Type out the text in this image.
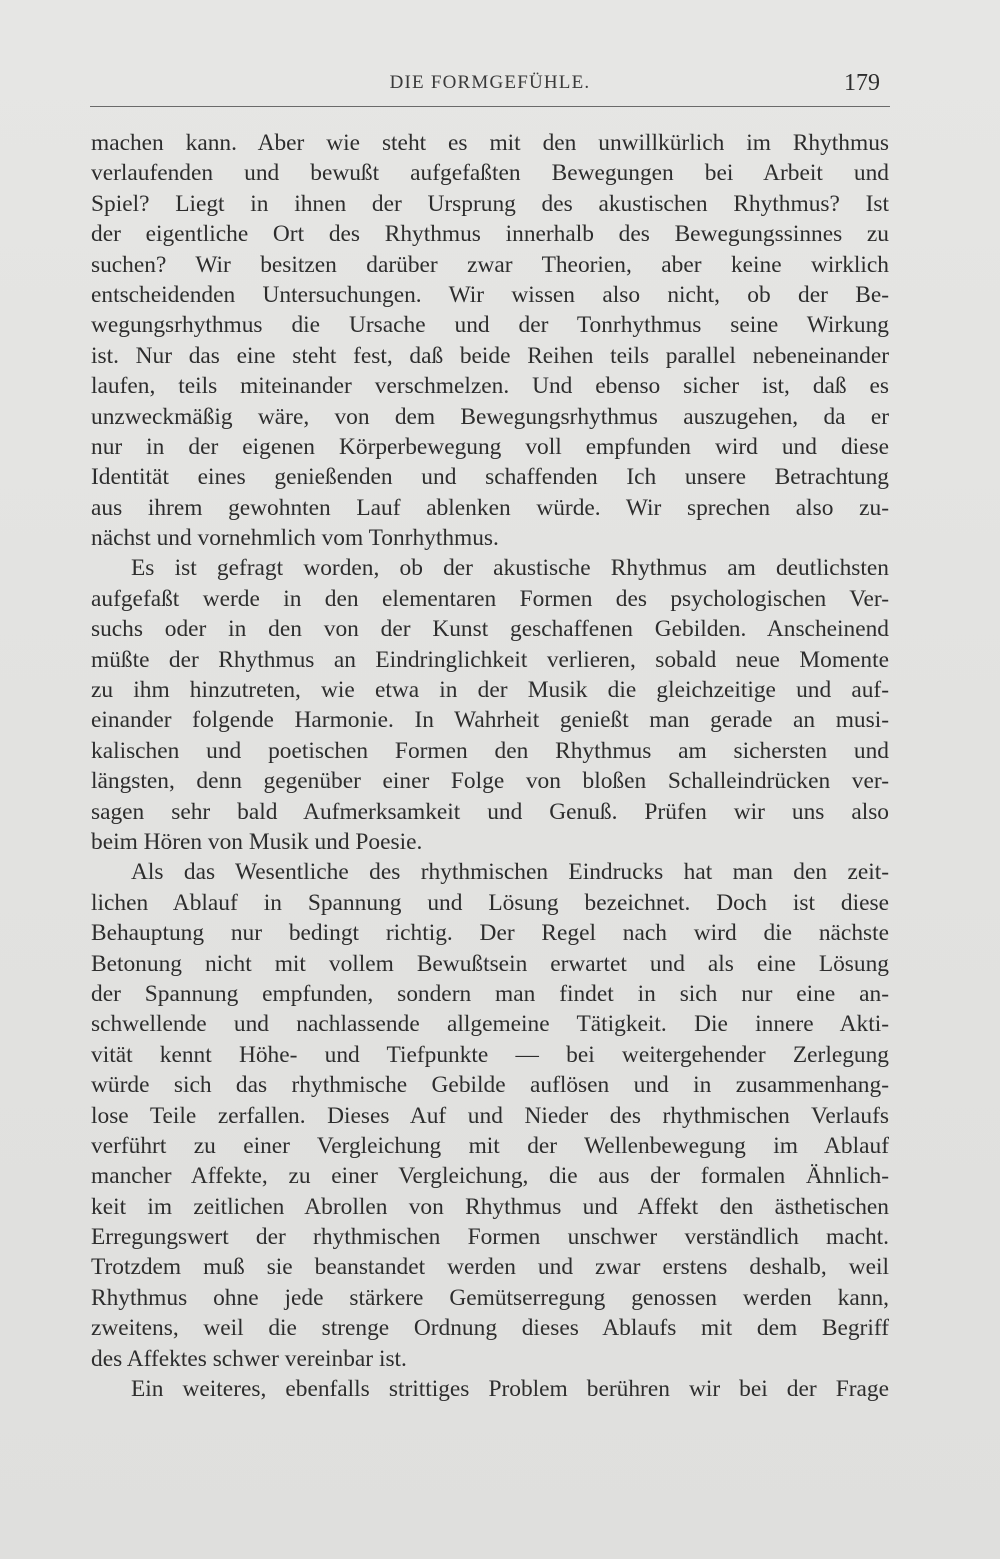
DIE FORMGEFÜHLE.	179
machen kann. Aber wie steht es mit den unwillkürlich im Rhythmus
verlaufenden und bewußt aufgefaßten Bewegungen bei Arbeit und
Spiel? Liegt in ihnen der Ursprung des akustischen Rhythmus? Ist
der eigentliche Ort des Rhythmus innerhalb des Bewegungssinnes zu
suchen? Wir besitzen darüber zwar Theorien, aber keine wirklich
entscheidenden Untersuchungen. Wir wissen also nicht, ob der Be-
wegungsrhythmus die Ursache und der Tonrhythmus seine Wirkung
ist. Nur das eine steht fest, daß beide Reihen teils parallel nebeneinander
laufen, teils miteinander verschmelzen. Und ebenso sicher ist, daß es
unzweckmäßig wäre, von dem Bewegungsrhythmus auszugehen, da er
nur in der eigenen Körperbewegung voll empfunden wird und diese
Identität eines genießenden und schaffenden Ich unsere Betrachtung
aus ihrem gewohnten Lauf ablenken würde. Wir sprechen also zu-
nächst und vornehmlich vom Tonrhythmus.
Es ist gefragt worden, ob der akustische Rhythmus am deutlichsten
aufgefaßt werde in den elementaren Formen des psychologischen Ver-
suchs oder in den von der Kunst geschaffenen Gebilden. Anscheinend
müßte der Rhythmus an Eindringlichkeit verlieren, sobald neue Momente
zu ihm hinzutreten, wie etwa in der Musik die gleichzeitige und auf-
einander folgende Harmonie. In Wahrheit genießt man gerade an musi-
kalischen und poetischen Formen den Rhythmus am sichersten und
längsten, denn gegenüber einer Folge von bloßen Schalleindrücken ver-
sagen sehr bald Aufmerksamkeit und Genuß. Prüfen wir uns also
beim Hören von Musik und Poesie.
Als das Wesentliche des rhythmischen Eindrucks hat man den zeit-
lichen Ablauf in Spannung und Lösung bezeichnet. Doch ist diese
Behauptung nur bedingt richtig. Der Regel nach wird die nächste
Betonung nicht mit vollem Bewußtsein erwartet und als eine Lösung
der Spannung empfunden, sondern man findet in sich nur eine an-
schwellende und nachlassende allgemeine Tätigkeit. Die innere Akti-
vität kennt Höhe- und Tiefpunkte — bei weitergehender Zerlegung
würde sich das rhythmische Gebilde auflösen und in zusammenhang-
lose Teile zerfallen. Dieses Auf und Nieder des rhythmischen Verlaufs
verführt zu einer Vergleichung mit der Wellenbewegung im Ablauf
mancher Affekte, zu einer Vergleichung, die aus der formalen Ähnlich-
keit im zeitlichen Abrollen von Rhythmus und Affekt den ästhetischen
Erregungswert der rhythmischen Formen unschwer verständlich macht.
Trotzdem muß sie beanstandet werden und zwar erstens deshalb, weil
Rhythmus ohne jede stärkere Gemütserregung genossen werden kann,
zweitens, weil die strenge Ordnung dieses Ablaufs mit dem Begriff
des Affektes schwer vereinbar ist.
Ein weiteres, ebenfalls strittiges Problem berühren wir bei der Frage
